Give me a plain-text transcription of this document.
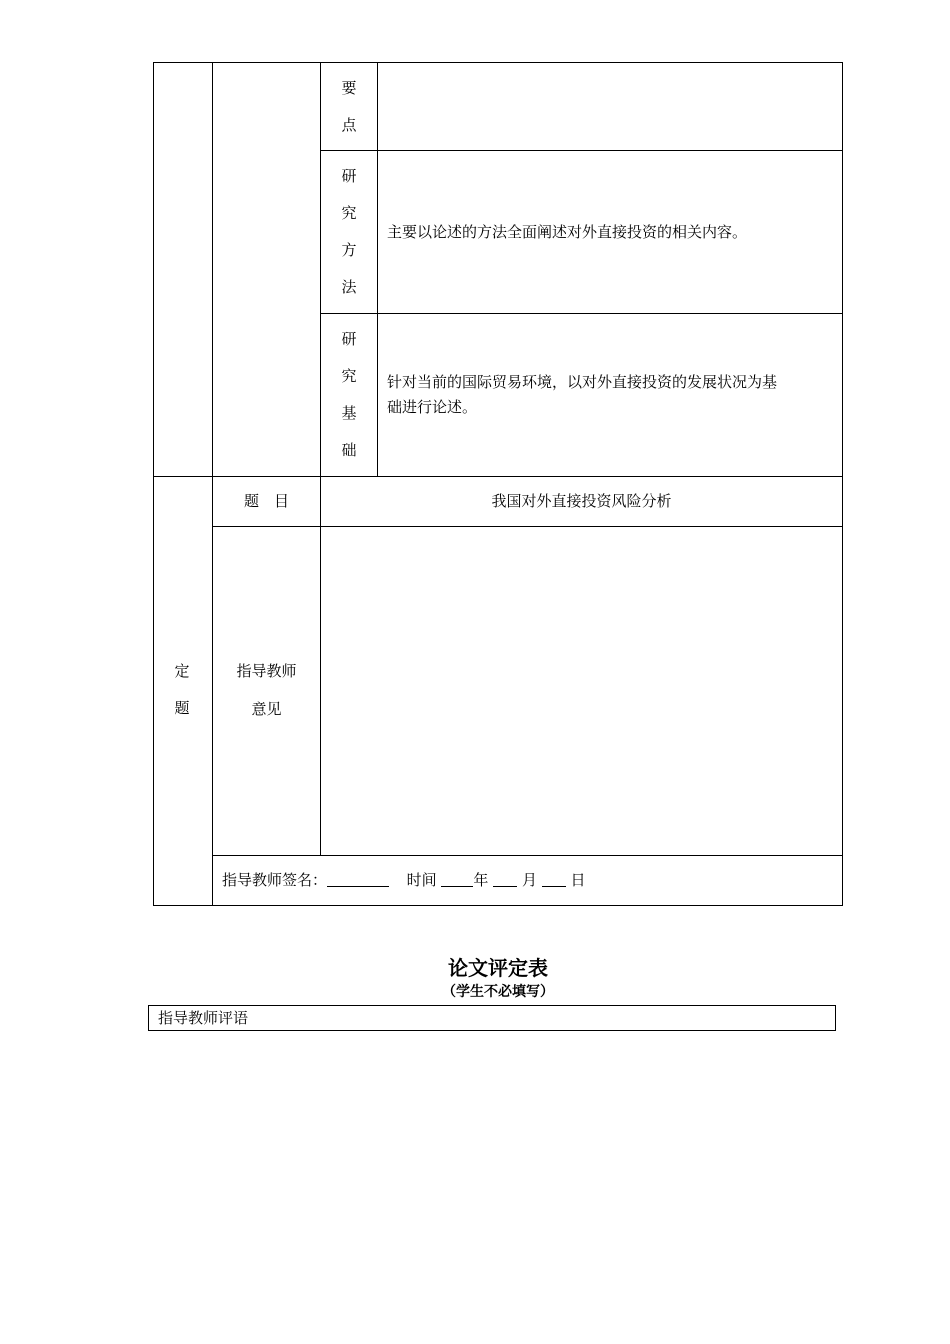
要
点
研
究
方
法
主要以论述的方法全面阐述对外直接投资的相关内容。
研
究
基
础
针对当前的国际贸易环境，以对外直接投资的发展状况为基
础进行论述。
定
题
题　目	我国对外直接投资风险分析
指导教师
意见
指导教师签名：	时间 年 月 日
论文评定表
（学生不必填写）
指导教师评语
